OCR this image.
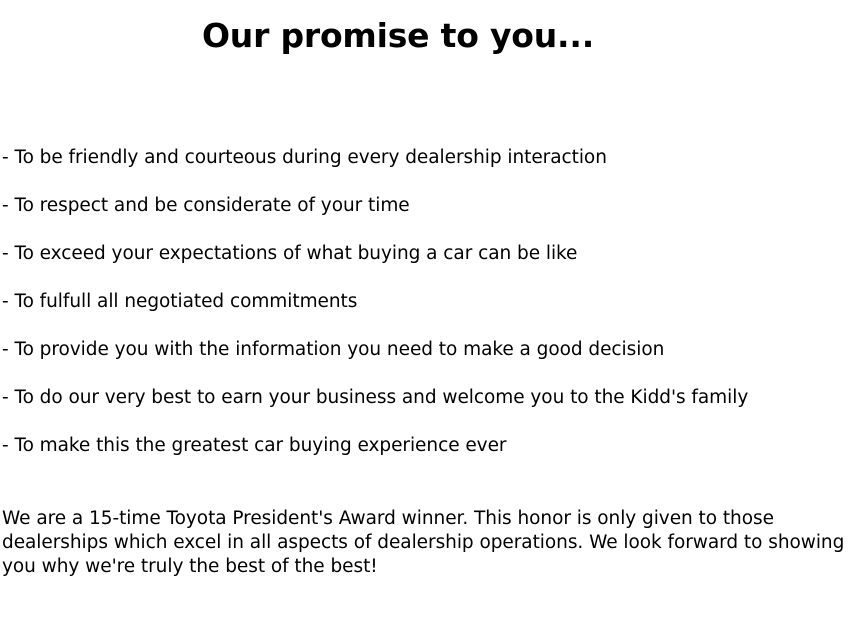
Our promise to you...
- To be friendly and courteous during every dealership interaction
- To respect and be considerate of your time
- To exceed your expectations of what buying a car can be like
- To fulfull all negotiated commitments
- To provide you with the information you need to make a good decision
- To do our very best to earn your business and welcome you to the Kidd's family
- To make this the greatest car buying experience ever

We are a 15-time Toyota President's Award winner. This honor is only given to those dealerships which excel in all aspects of dealership operations. We look forward to showing you why we're truly the best of the best!
